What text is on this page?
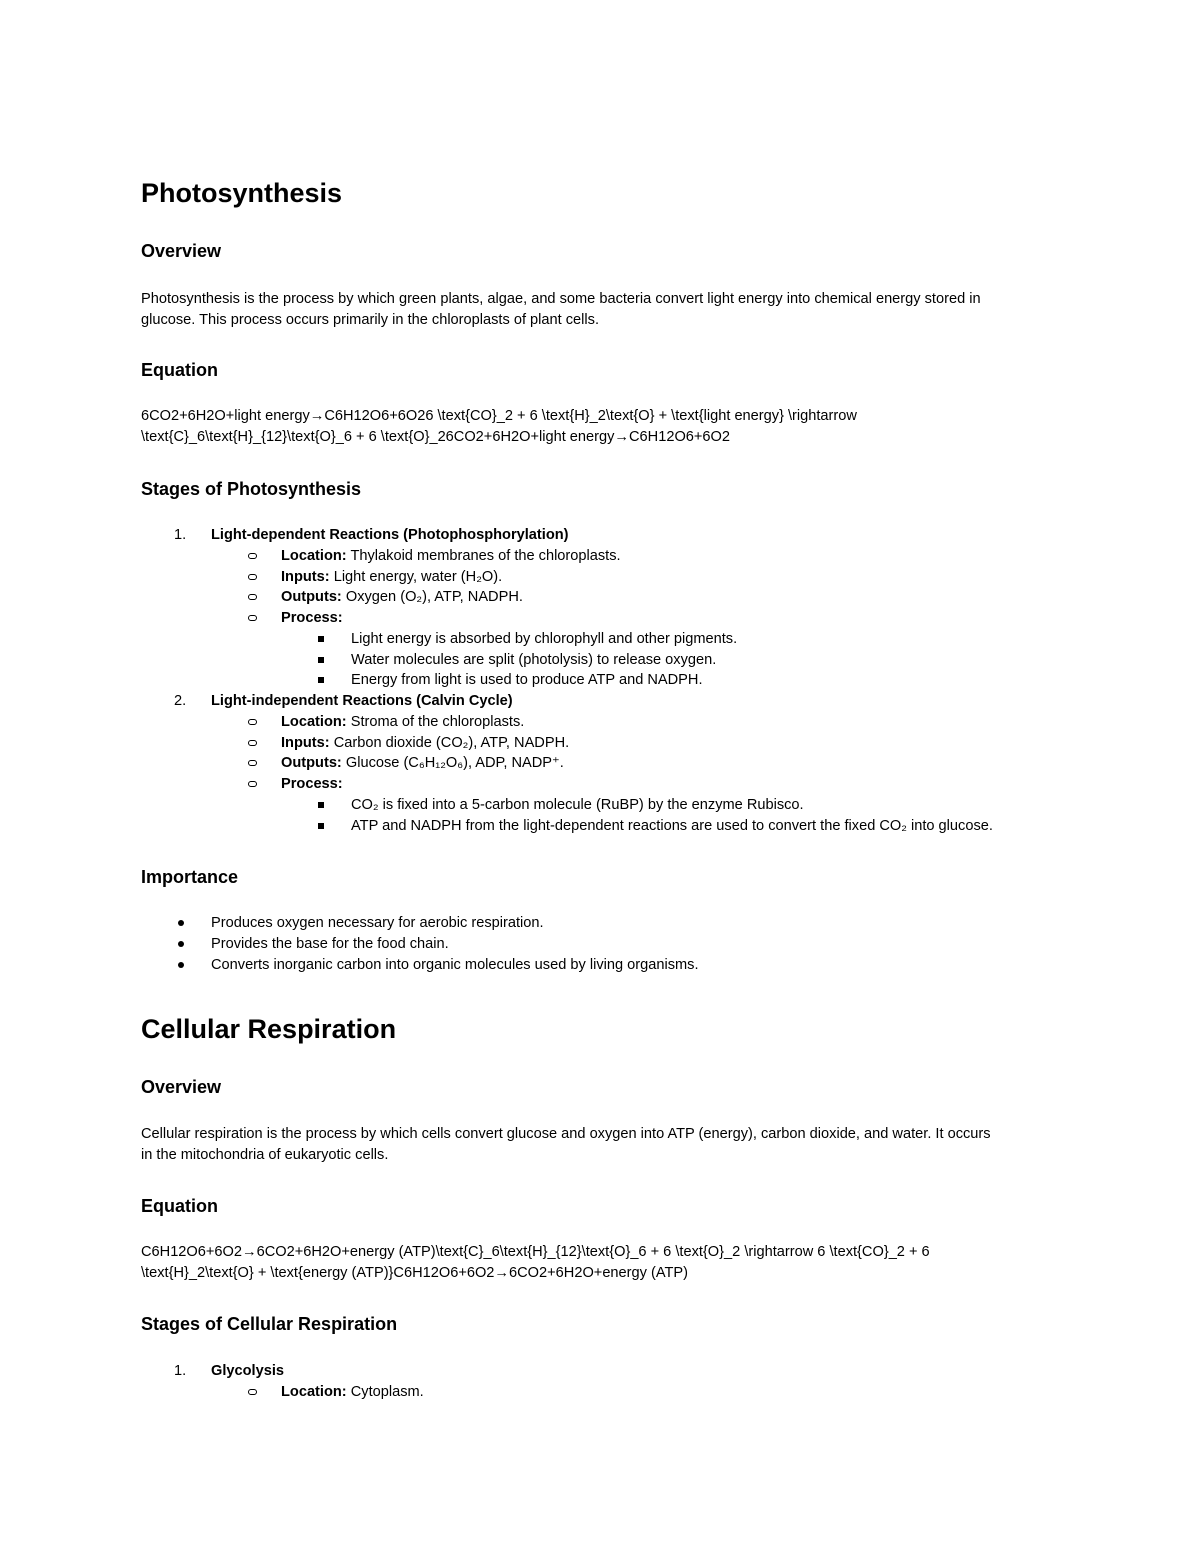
Photosynthesis
Overview

Photosynthesis is the process by which green plants, algae, and some bacteria convert light energy into chemical energy stored in

glucose. This process occurs primarily in the chloroplasts of plant cells.

Equation

6CO2+6H2O+light energy→C6H12O6+6O26 \text{CO}_2 + 6 \text{H}_2\text{O} + \text{light energy} \rightarrow

\text{C}_6\text{H}_{12}\text{O}_6 + 6 \text{O}_26CO2+6H2O+light energy→C6H12O6+6O2

Stages of Photosynthesis
1. Light-dependent Reactions (Photophosphorylation)
Location: Thylakoid membranes of the chloroplasts.
Inputs: Light energy, water (H₂O).
Outputs: Oxygen (O₂), ATP, NADPH.
Process:
Light energy is absorbed by chlorophyll and other pigments.
Water molecules are split (photolysis) to release oxygen.
Energy from light is used to produce ATP and NADPH.
2. Light-independent Reactions (Calvin Cycle)
Location: Stroma of the chloroplasts.
Inputs: Carbon dioxide (CO₂), ATP, NADPH.
Outputs: Glucose (C₆H₁₂O₆), ADP, NADP⁺.
Process:
CO₂ is fixed into a 5-carbon molecule (RuBP) by the enzyme Rubisco.
ATP and NADPH from the light-dependent reactions are used to convert the fixed CO₂ into glucose.
Importance
Produces oxygen necessary for aerobic respiration.
Provides the base for the food chain.
Converts inorganic carbon into organic molecules used by living organisms.
Cellular Respiration
Overview

Cellular respiration is the process by which cells convert glucose and oxygen into ATP (energy), carbon dioxide, and water. It occurs

in the mitochondria of eukaryotic cells.

Equation

C6H12O6+6O2→6CO2+6H2O+energy (ATP)\text{C}_6\text{H}_{12}\text{O}_6 + 6 \text{O}_2 \rightarrow 6 \text{CO}_2 + 6

\text{H}_2\text{O} + \text{energy (ATP)}C6H12O6+6O2→6CO2+6H2O+energy (ATP)

Stages of Cellular Respiration
1. Glycolysis
Location: Cytoplasm.
